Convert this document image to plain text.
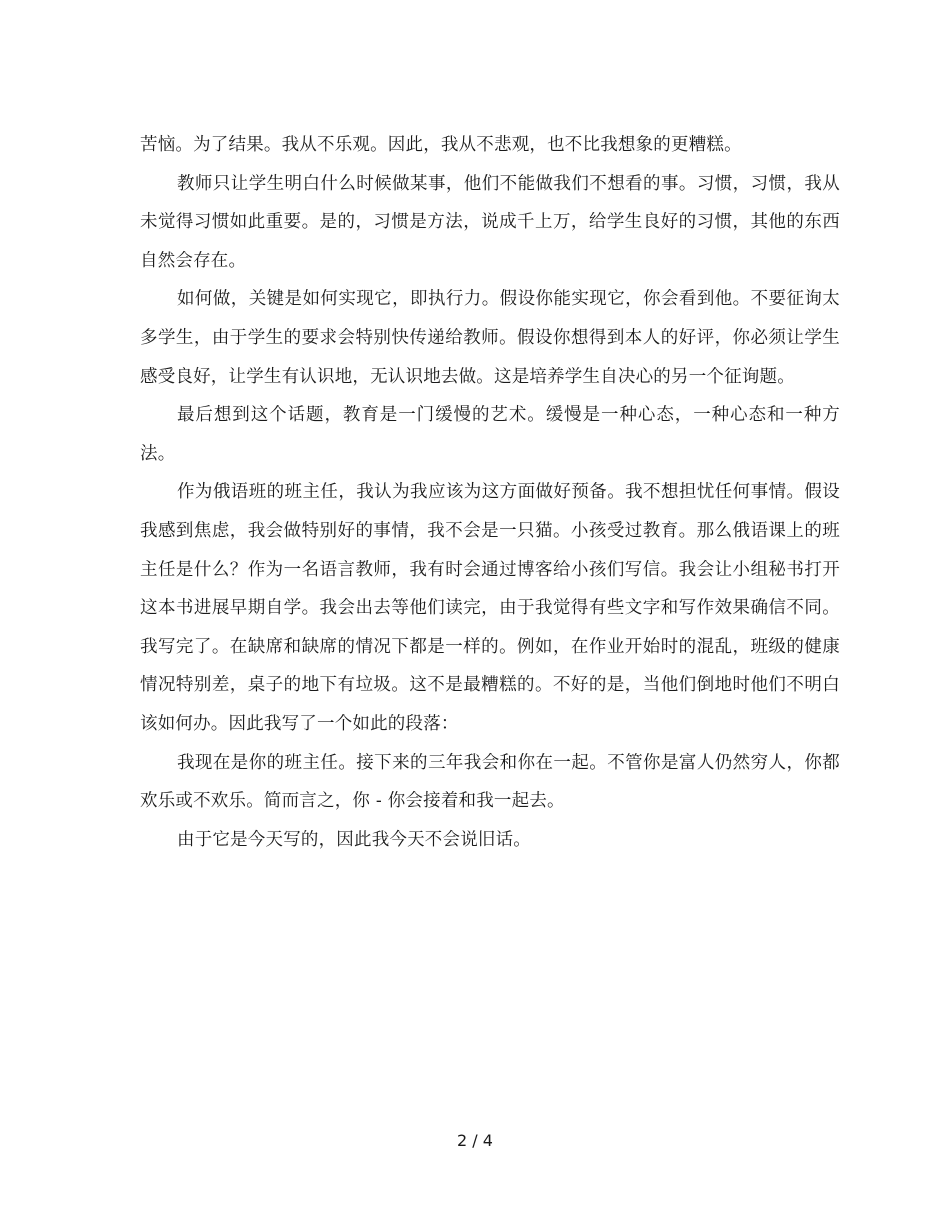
苦恼。为了结果。我从不乐观。因此，我从不悲观，也不比我想象的更糟糕。

教师只让学生明白什么时候做某事，他们不能做我们不想看的事。习惯，习惯，我从未觉得习惯如此重要。是的，习惯是方法，说成千上万，给学生良好的习惯，其他的东西自然会存在。

如何做，关键是如何实现它，即执行力。假设你能实现它，你会看到他。不要征询太多学生，由于学生的要求会特别快传递给教师。假设你想得到本人的好评，你必须让学生感受良好，让学生有认识地，无认识地去做。这是培养学生自决心的另一个征询题。

最后想到这个话题，教育是一门缓慢的艺术。缓慢是一种心态，一种心态和一种方法。

作为俄语班的班主任，我认为我应该为这方面做好预备。我不想担忧任何事情。假设我感到焦虑，我会做特别好的事情，我不会是一只猫。小孩受过教育。那么俄语课上的班主任是什么？作为一名语言教师，我有时会通过博客给小孩们写信。我会让小组秘书打开这本书进展早期自学。我会出去等他们读完，由于我觉得有些文字和写作效果确信不同。我写完了。在缺席和缺席的情况下都是一样的。例如，在作业开始时的混乱，班级的健康情况特别差，桌子的地下有垃圾。这不是最糟糕的。不好的是，当他们倒地时他们不明白该如何办。因此我写了一个如此的段落：

我现在是你的班主任。接下来的三年我会和你在一起。不管你是富人仍然穷人，你都欢乐或不欢乐。简而言之，你 - 你会接着和我一起去。

由于它是今天写的，因此我今天不会说旧话。

2 / 4
